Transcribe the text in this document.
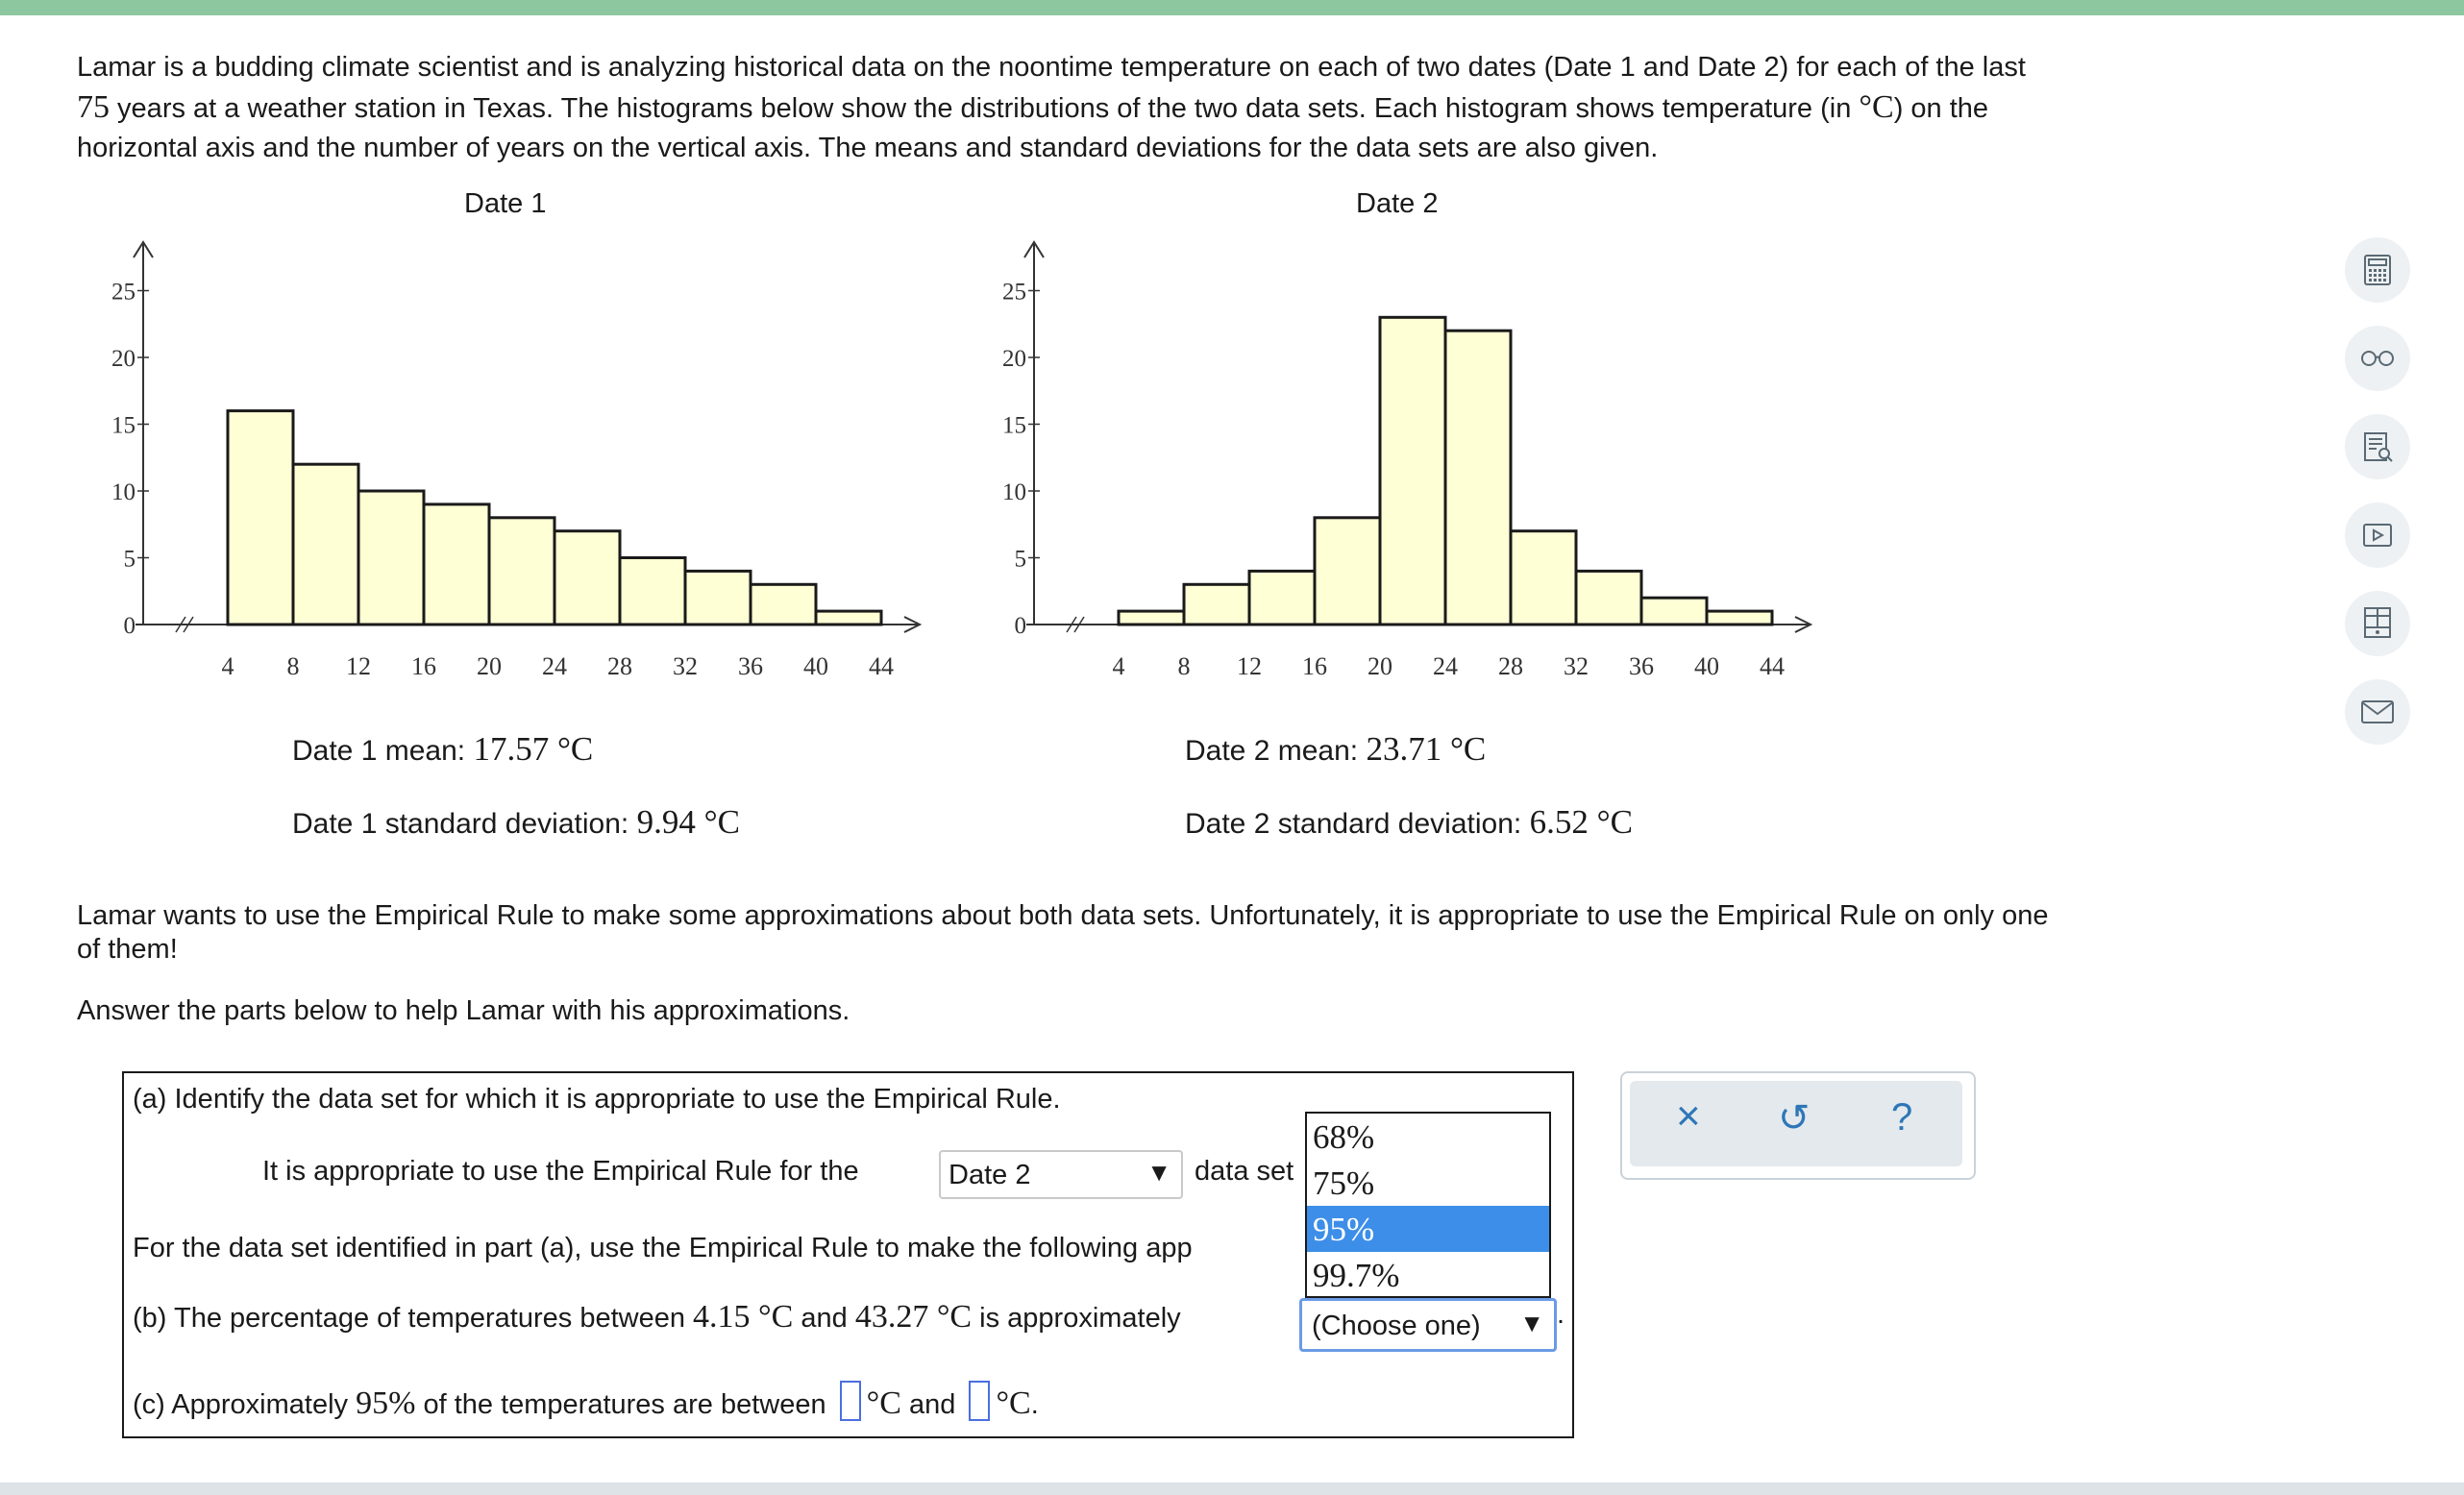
Lamar is a budding climate scientist and is analyzing historical data on the noontime temperature on each of two dates (Date 1 and Date 2) for each of the last
75 years at a weather station in Texas. The histograms below show the distributions of the two data sets. Each histogram shows temperature (in °C) on the
horizontal axis and the number of years on the vertical axis. The means and standard deviations for the data sets are also given.
Date 1	Date 2
0
5
10
15
20
25
4 8 12 16 20 24 28 32 36 40 44
0
5
10
15
20
25
4 8 12 16 20 24 28 32 36 40 44
Date 1 mean: 17.57 °C
Date 1 standard deviation: 9.94 °C
Date 2 mean: 23.71 °C
Date 2 standard deviation: 6.52 °C
Lamar wants to use the Empirical Rule to make some approximations about both data sets. Unfortunately, it is appropriate to use the Empirical Rule on only one
of them!
Answer the parts below to help Lamar with his approximations.
(a) Identify the data set for which it is appropriate to use the Empirical Rule.
It is appropriate to use the Empirical Rule for the	Date 2	▼ data set
For the data set identified in part (a), use the Empirical Rule to make the following app
(b) The percentage of temperatures between 4.15 °C and 43.27 °C is approximately	(Choose one) ▼ .
(c) Approximately 95% of the temperatures are between °C and °C.
68%
75%
95%
99.7%
× ↺ ?
